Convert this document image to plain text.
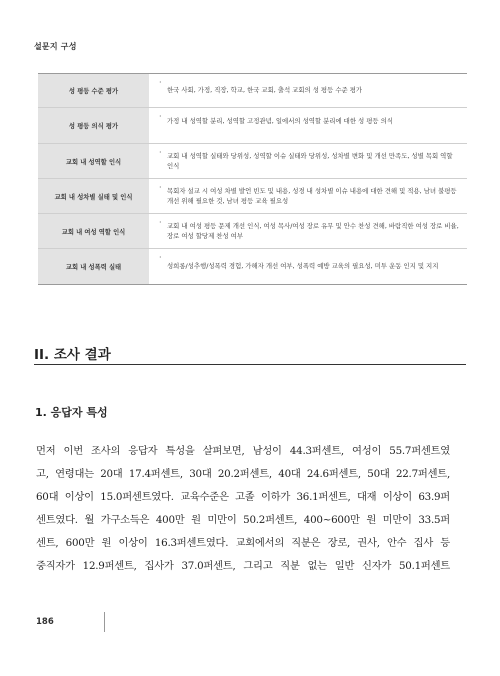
설문지 구성
성 평등 수준 평가	· 한국 사회, 가정, 직장, 학교, 한국 교회, 출석 교회의 성 평등 수준 평가
성 평등 의식 평가
· 가정 내 성역할 분리, 성역할 고정관념, 일에서의 성역할 분리에 대한 성 평등 의식
교회 내 성역할 인식
· 교회 내 성역할 실태와 당위성, 성역할 이슈 실태와 당위성, 성차별 변화 및 개선 만족도, 성별 목회 역할 인식
교회 내 성차별 실태 및 인식
· 목회자 설교 시 여성 차별 발언 빈도 및 내용, 성경 내 성차별 이슈 내용에 대한 견해 및 적용, 남녀 불평등 개선 위해 필요한 것, 남녀 평등 교육 필요성
교회 내 여성 역할 인식
· 교회 내 여성 평등 문제 개선 인식, 여성 목사/여성 장로 유무 및 안수 찬성 견해, 바람직한 여성 장로 비율, 장로 여성 할당제 찬성 여부
교회 내 성폭력 실태	· 성희롱/성추행/성폭력 경험, 가해자 개선 여부, 성폭력 예방 교육의 필요성, 미투 운동 인지 및 지지
II. 조사 결과
1. 응답자 특성
먼저 이번 조사의 응답자 특성을 살펴보면, 남성이 44.3퍼센트, 여성이 55.7퍼센트였
고, 연령대는 20대 17.4퍼센트, 30대 20.2퍼센트, 40대 24.6퍼센트, 50대 22.7퍼센트,
60대 이상이 15.0퍼센트였다. 교육수준은 고졸 이하가 36.1퍼센트, 대재 이상이 63.9퍼
센트였다. 월 가구소득은 400만 원 미만이 50.2퍼센트, 400~600만 원 미만이 33.5퍼
센트, 600만 원 이상이 16.3퍼센트였다. 교회에서의 직분은 장로, 권사, 안수 집사 등
중직자가 12.9퍼센트, 집사가 37.0퍼센트, 그리고 직분 없는 일반 신자가 50.1퍼센트
186
